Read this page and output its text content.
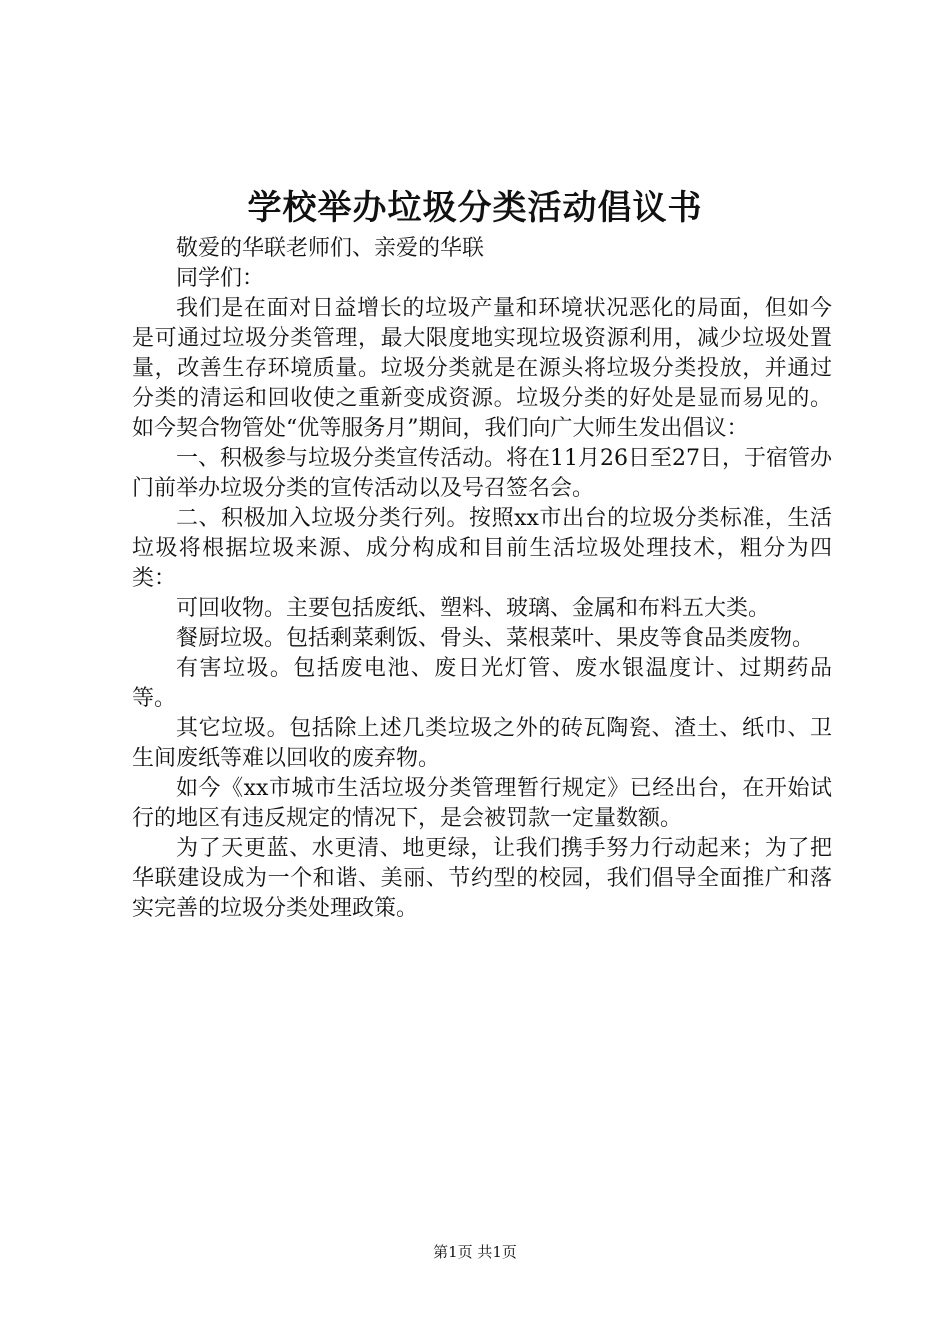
学校举办垃圾分类活动倡议书

敬爱的华联老师们、亲爱的华联

同学们：

我们是在面对日益增长的垃圾产量和环境状况恶化的局面，但如今是可通过垃圾分类管理，最大限度地实现垃圾资源利用，减少垃圾处置量，改善生存环境质量。垃圾分类就是在源头将垃圾分类投放，并通过分类的清运和回收使之重新变成资源。垃圾分类的好处是显而易见的。如今契合物管处“优等服务月”期间，我们向广大师生发出倡议：

一、积极参与垃圾分类宣传活动。将在11月26日至27日，于宿管办门前举办垃圾分类的宣传活动以及号召签名会。

二、积极加入垃圾分类行列。按照xx市出台的垃圾分类标准，生活垃圾将根据垃圾来源、成分构成和目前生活垃圾处理技术，粗分为四类：

可回收物。主要包括废纸、塑料、玻璃、金属和布料五大类。

餐厨垃圾。包括剩菜剩饭、骨头、菜根菜叶、果皮等食品类废物。

有害垃圾。包括废电池、废日光灯管、废水银温度计、过期药品等。

其它垃圾。包括除上述几类垃圾之外的砖瓦陶瓷、渣土、纸巾、卫生间废纸等难以回收的废弃物。

如今《xx市城市生活垃圾分类管理暂行规定》已经出台，在开始试行的地区有违反规定的情况下，是会被罚款一定量数额。

为了天更蓝、水更清、地更绿，让我们携手努力行动起来；为了把华联建设成为一个和谐、美丽、节约型的校园，我们倡导全面推广和落实完善的垃圾分类处理政策。

第1页 共1页
